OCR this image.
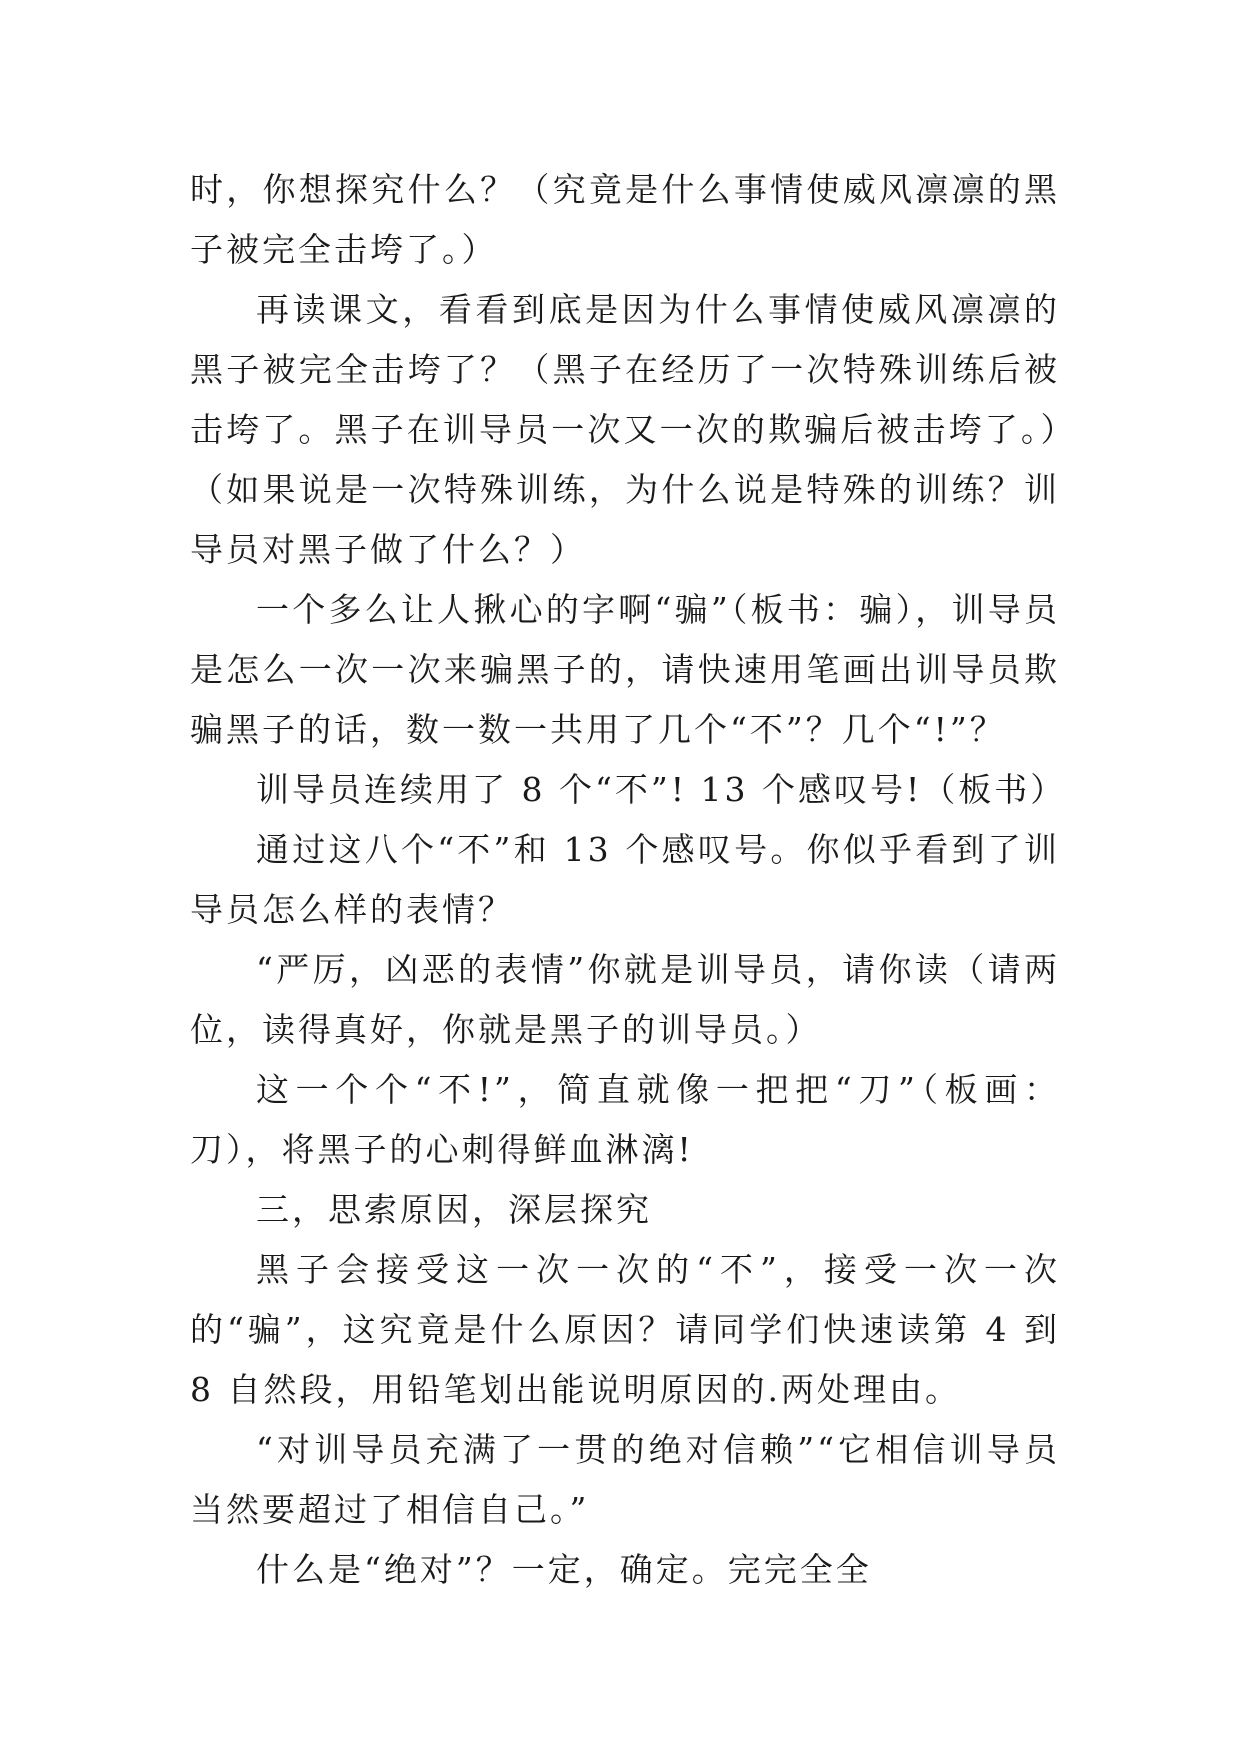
时，你想探究什么？（究竟是什么事情使威风凛凛的黑子被完全击垮了。）

再读课文，看看到底是因为什么事情使威风凛凛的黑子被完全击垮了？（黑子在经历了一次特殊训练后被击垮了。黑子在训导员一次又一次的欺骗后被击垮了。）（如果说是一次特殊训练，为什么说是特殊的训练？训导员对黑子做了什么？）

一个多么让人揪心的字啊“骗”（板书：骗），训导员是怎么一次一次来骗黑子的，请快速用笔画出训导员欺骗黑子的话，数一数一共用了几个“不”？几个“!”？

训导员连续用了 8 个“不”! 13 个感叹号!（板书）

通过这八个“不”和 13 个感叹号。你似乎看到了训导员怎么样的表情？

“严厉，凶恶的表情”你就是训导员，请你读（请两位，读得真好，你就是黑子的训导员。）

这一个个“不!”，简直就像一把把“刀”（板画：刀），将黑子的心刺得鲜血淋漓!

三，思索原因，深层探究

黑子会接受这一次一次的“不”，接受一次一次的“骗”，这究竟是什么原因？请同学们快速读第 4 到 8 自然段，用铅笔划出能说明原因的.两处理由。

“对训导员充满了一贯的绝对信赖”“它相信训导员当然要超过了相信自己。”

什么是“绝对”？一定，确定。完完全全
